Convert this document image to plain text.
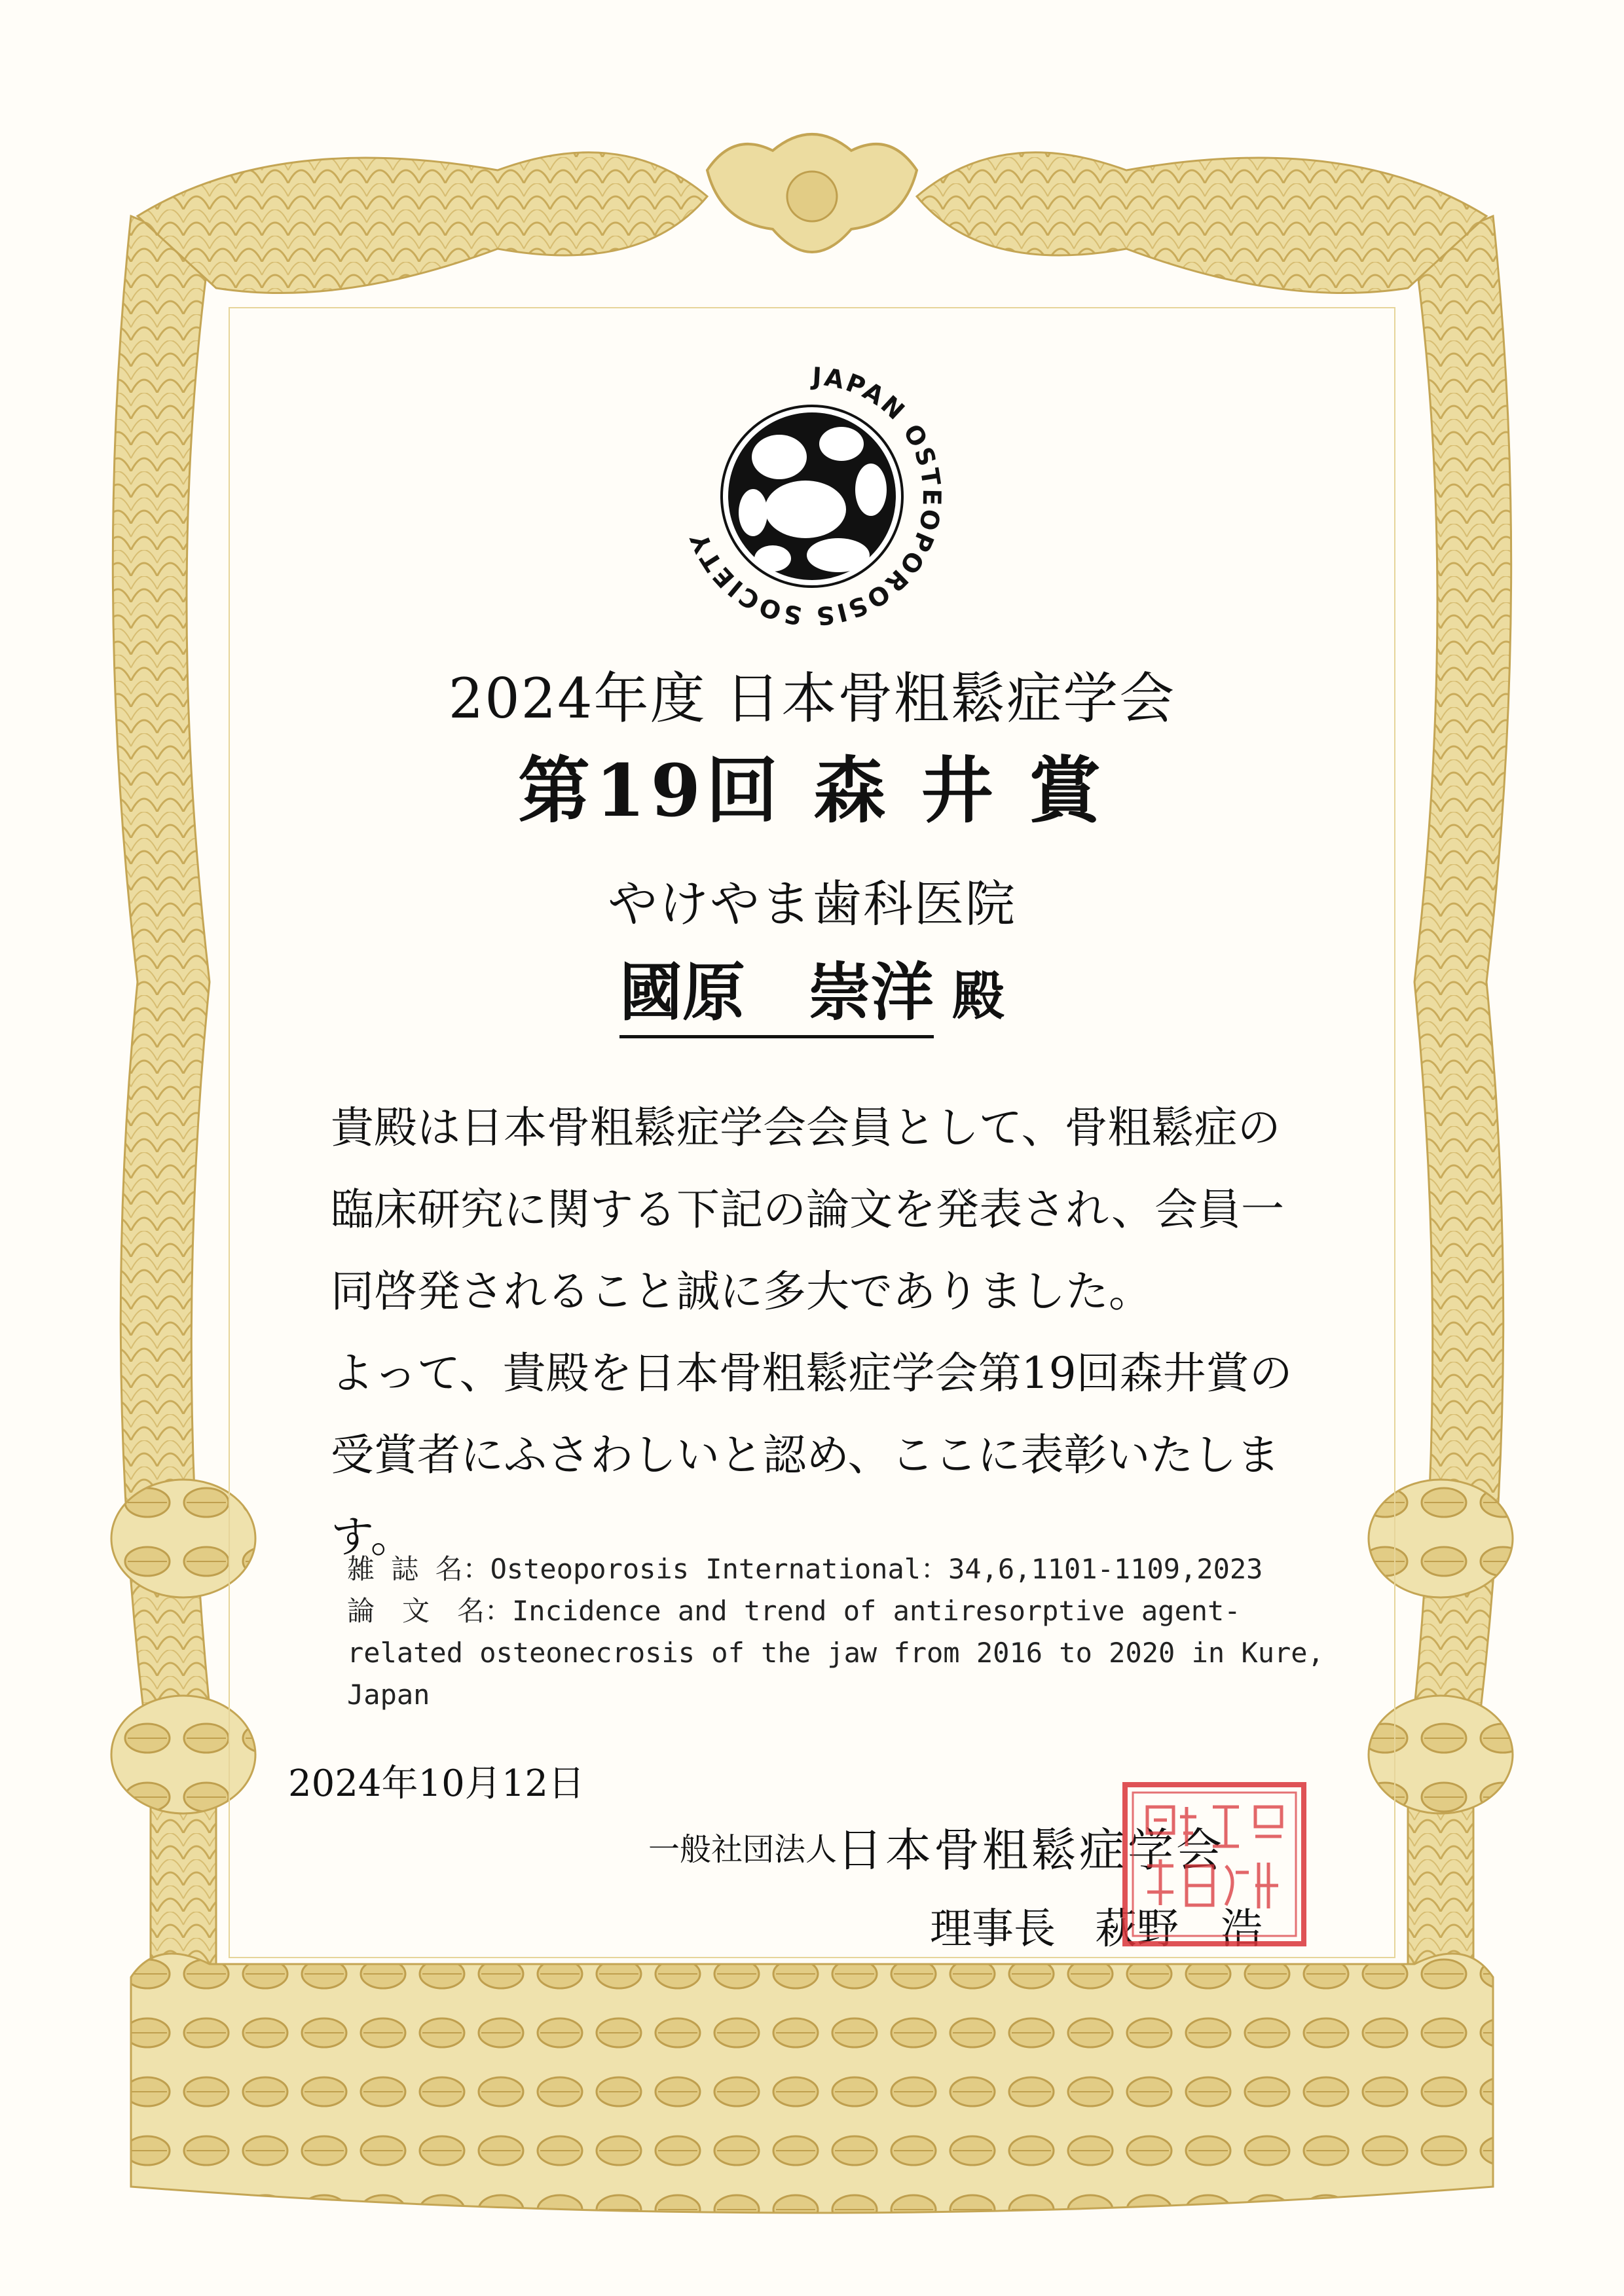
JAPAN OSTEOPOROSIS SOCIETY
2024年度 日本骨粗鬆症学会
第19回 森 井 賞
やけやま歯科医院
國原　崇洋 殿
貴殿は日本骨粗鬆症学会会員として、骨粗鬆症の
臨床研究に関する下記の論文を発表され、会員一
同啓発されること誠に多大でありました。
よって、貴殿を日本骨粗鬆症学会第19回森井賞の
受賞者にふさわしいと認め、ここに表彰いたしま
す。
雑 誌 名：Osteoporosis International：34,6,1101-1109,2023
論　文　名：Incidence and trend of antiresorptive agent-
related osteonecrosis of the jaw from 2016 to 2020 in Kure,
Japan
2024年10月12日
一般社団法人日本骨粗鬆症学会
理事長 萩野　浩
